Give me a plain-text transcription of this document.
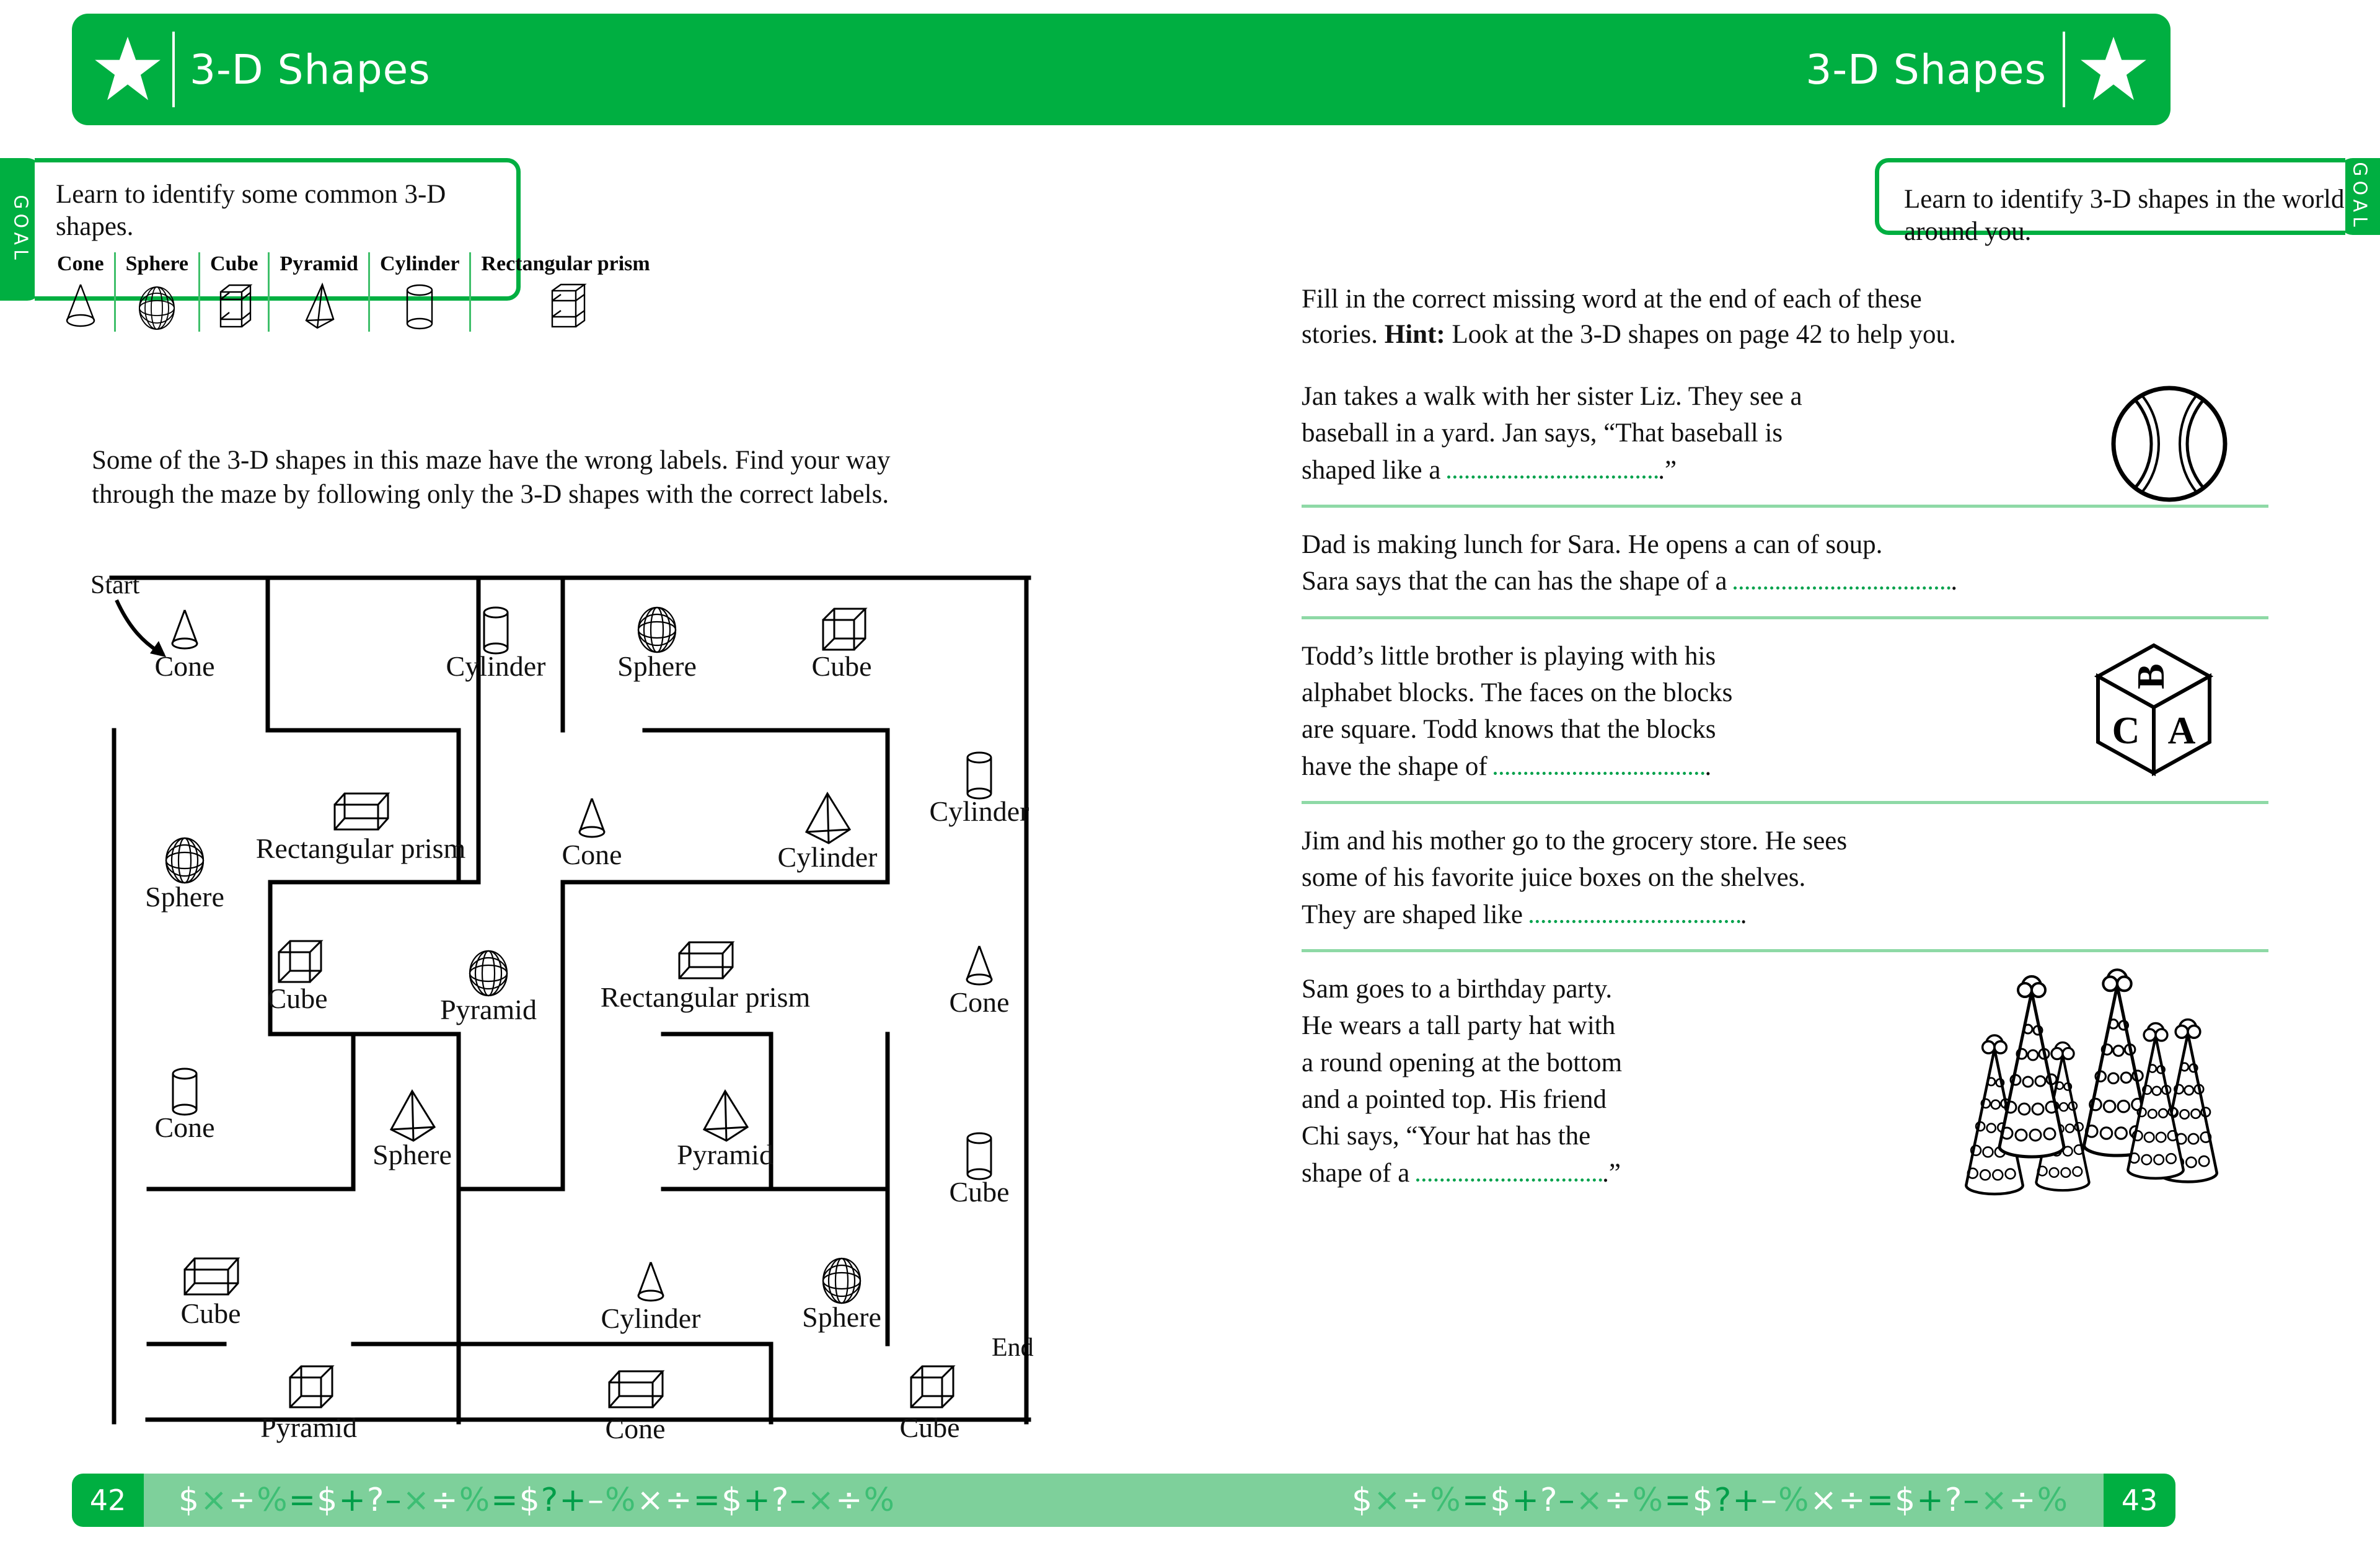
3-D Shapes
GOAL
Learn to identify some common 3-D shapes.
Cone Sphere Cube Pyramid Cylinder Rectangular prism
Some of the 3-D shapes in this maze have the wrong labels. Find your way through the maze by following only the 3-D shapes with the correct labels.
Start
End
Cone	Cylinder	Sphere	Cube
Rectangular prism	Cone	Cylinder
Cylinder
Sphere
Cube	Pyramid Rectangular prism	Cone
Cone
Sphere	Pyramid
Cube
Cube	Cylinder	Sphere
Pyramid	Cone	Cube
42	$×÷%=$+?–×÷%=$?+–%×÷=$+?–×÷%
3-D Shapes
GOAL
Learn to identify 3-D shapes in the world around you.
Fill in the correct missing word at the end of each of these
stories. Hint: Look at the 3-D shapes on page 42 to help you.
Jan takes a walk with her sister Liz. They see a
baseball in a yard. Jan says, “That baseball is
shaped like a	.”
Dad is making lunch for Sara. He opens a can of soup.
Sara says that the can has the shape of a	.
B
C A
Todd’s little brother is playing with his
alphabet blocks. The faces on the blocks
are square. Todd knows that the blocks
have the shape of	.
Jim and his mother go to the grocery store. He sees
some of his favorite juice boxes on the shelves.
They are shaped like	.
Sam goes to a birthday party.
He wears a tall party hat with
a round opening at the bottom
and a pointed top. His friend
Chi says, “Your hat has the
shape of a	.”
43
$×÷%=$+?–×÷%=$?+–%×÷=$+?–×÷%
